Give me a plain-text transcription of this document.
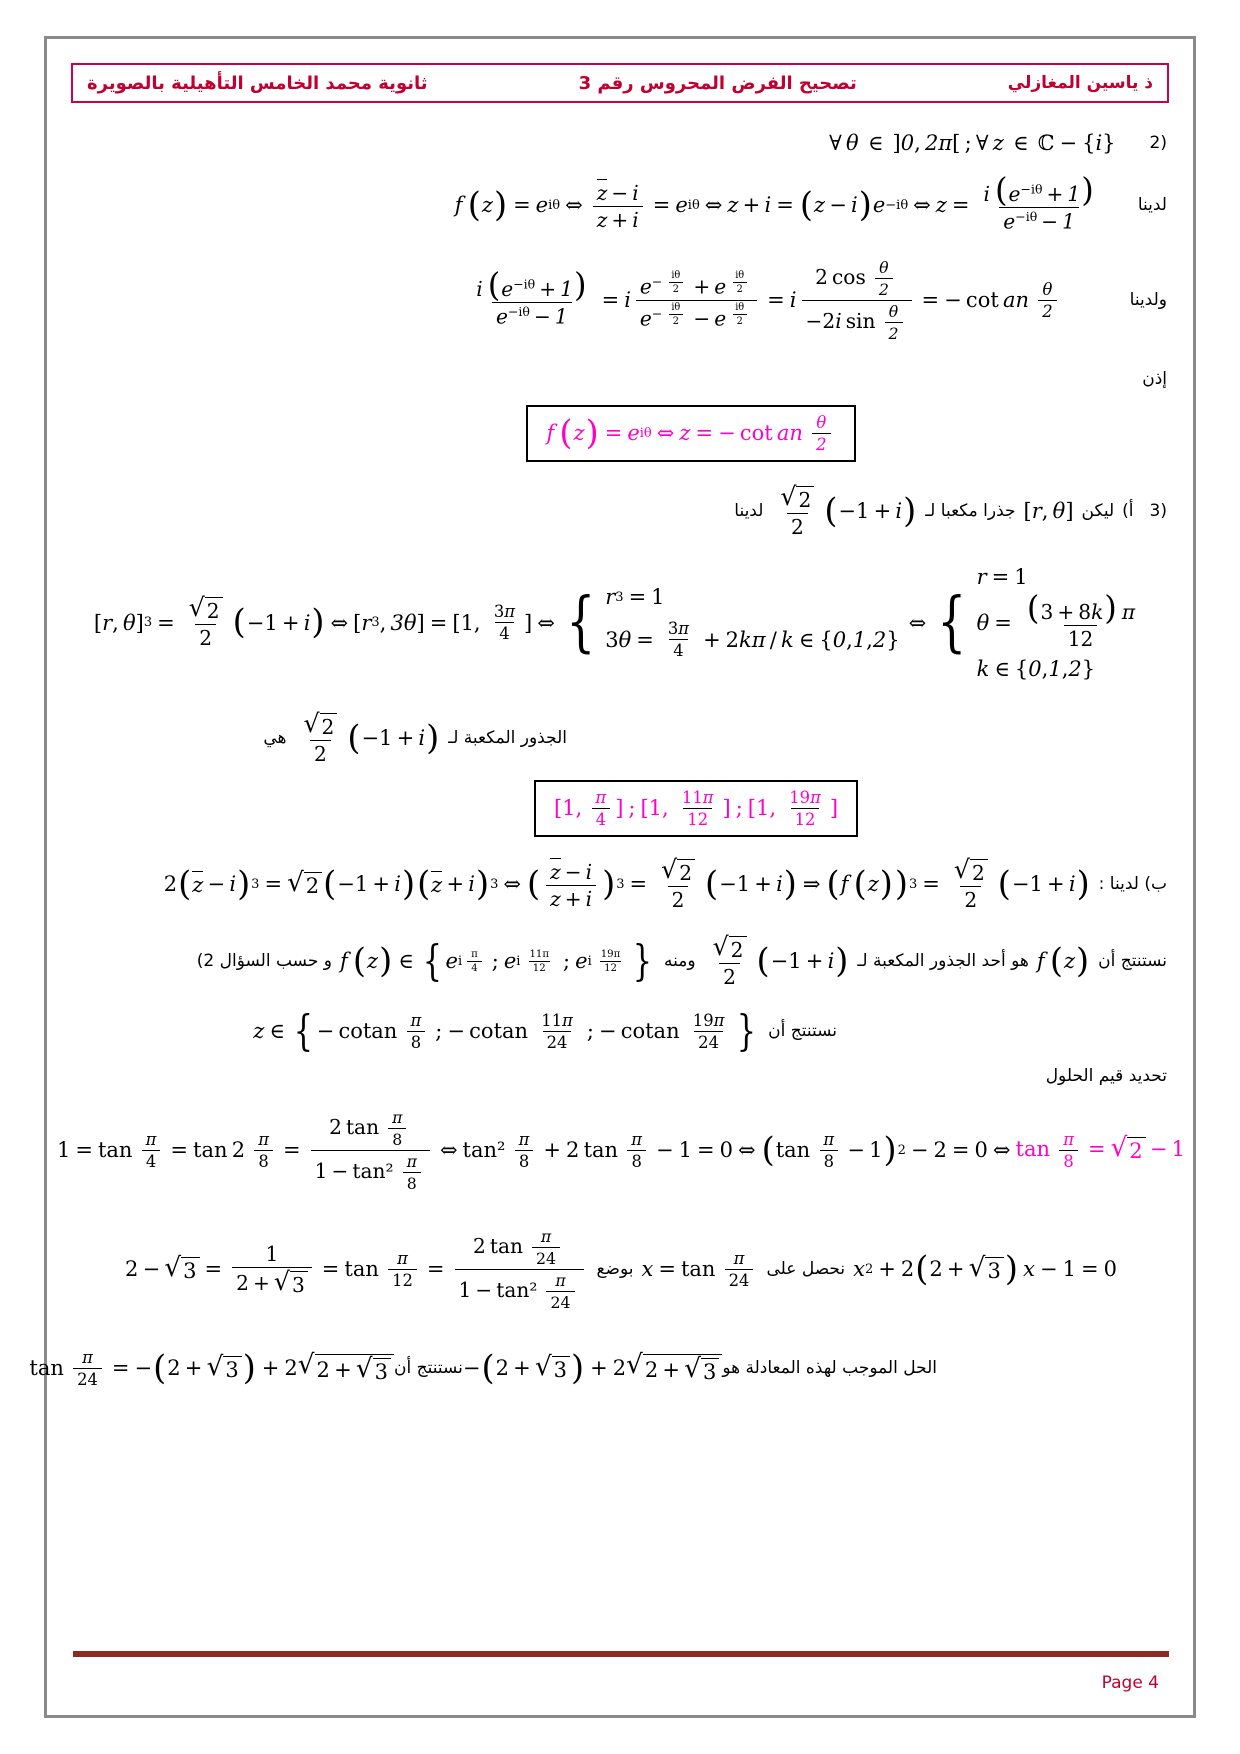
ثانوية محمد الخامس التأهيلية بالصويرة	تصحيح الفرض المحروس رقم 3	ذ ياسين المغازلي
(2
∀  θ  ∈  ] 0 ,  2π [  ;  ∀  z  ∈
  ℂ − { i }
لدينا
f  ( z ) = e iθ ⇔ $\frac{z - i}{z + i} = e$ iθ ⇔ z  +  i = ( z  −  i ) e −iθ ⇔ $z = \frac{i (e^{-i\theta} + 1)}{e^{-i\theta} - 1}$
ولدينا
$\frac{i (e^{-i\theta} + 1)}{e^{-i\theta} - 1} = i$ $e^{- \frac{i\theta}{2}}$
  + e $^{\frac{i\theta}{2}}$
$e^{- \frac{i\theta}{2}}$
  − e $^{\frac{i\theta}{2}}$ = i $\frac{2 \cos \frac{\theta}{2}}{-2i \sin \frac{\theta}{2}}$ = − cot  an  $\frac{\theta}{2}$
إذن
f  ( z ) = e iθ ⇔ z = − cot  an  $\frac{\theta}{2}$
(3
أ)
ليكن
[ r ,  θ ]
جذرا مكعبا لـ
$\frac{√ 2}{2}$ ( −1 +  i )
لدينا
[ r ,  θ ] $3 = \frac{√ 2}{2}$ ( −1 +  i ) ⇔ [ r 3 ,  3θ ] = [ 1,
  $\frac{3\pi}{4}$ ] ⇔ { r 3 = 1
3 $\theta = \frac{3\pi}{4} + 2$ kπ  /  k ∈ { 0 , 1 , 2 }
⇔ {
r = 1
$\theta = \frac{(3 + 8k) \pi}{12}$
k ∈ { 0 , 1 , 2 }
الجذور المكعبة لـ
$\frac{√ 2}{2}$ ( −1 +  i )
هي
[ 1,
  $\frac{\pi}{4}$ ] ; [ 1,
  $\frac{11\pi}{12}$ ] ; [ 1,
  $\frac{19\pi}{12}$ ]
ب) لدينا :
2 ( z
  −  i ) 3 = √ 2 ( −1 +  i ) ( z
  +  i ) 3 ⇔ ( $\frac{z - i}{z + i}$ ) $3 = \frac{√ 2}{2}$ ( −1 +  i ) ⇒ ( f  ( z ) ) $3 = \frac{√ 2}{2}$ ( −1 +  i )
نستنتج أن
f  ( z )
هو أحد الجذور المكعبة لـ
$\frac{√ 2}{2}$ ( −1 +  i )
ومنه
f  ( z ) ∈ { e i $\frac{\pi}{4}$ ; e i $\frac{11\pi}{12}$ ; e i $\frac{19\pi}{12}$ }
و حسب السؤال 2)
نستنتج أن
z ∈ { − cotan  $\frac{\pi}{8}$ ; − cotan  $\frac{11\pi}{24}$ ; − cotan  $\frac{19\pi}{24}$ }
تحديد قيم الحلول
$1 = \tan \frac{\pi}{4} = \tan 2 \frac{\pi}{8} = \frac{2 \tan \frac{\pi}{8}}{1 - \tan^2 \frac{\pi}{8}}$ ⇔ $\tan^2 \frac{\pi}{8} + 2$ $\tan \frac{\pi}{8} - 1 = 0$ ⇔ ( $\tan \frac{\pi}{8} - 1$ ) 2 − 2 = 0 ⇔ $\tan \frac{\pi}{8}$ = √ 2  − 1
x 2 + 2 ( 2 +  √ 3 )  x − 1 = 0
نحصل على
$x = \tan \frac{\pi}{24}$
بوضع
2 −  √ $3 = \frac{1}{2 + √ 3} = \tan \frac{\pi}{12} = \frac{2 \tan \frac{\pi}{24}}{1 - \tan^2 \frac{\pi}{24}}$
الحل الموجب لهذه المعادلة هو
− ( 2 +  √ 3 ) + 2 √ 2 +  √ 3
نستنتج أن
$\tan \frac{\pi}{24}$ = − ( 2 +  √ 3 ) + 2 √ 2 +  √ 3
Page 4
